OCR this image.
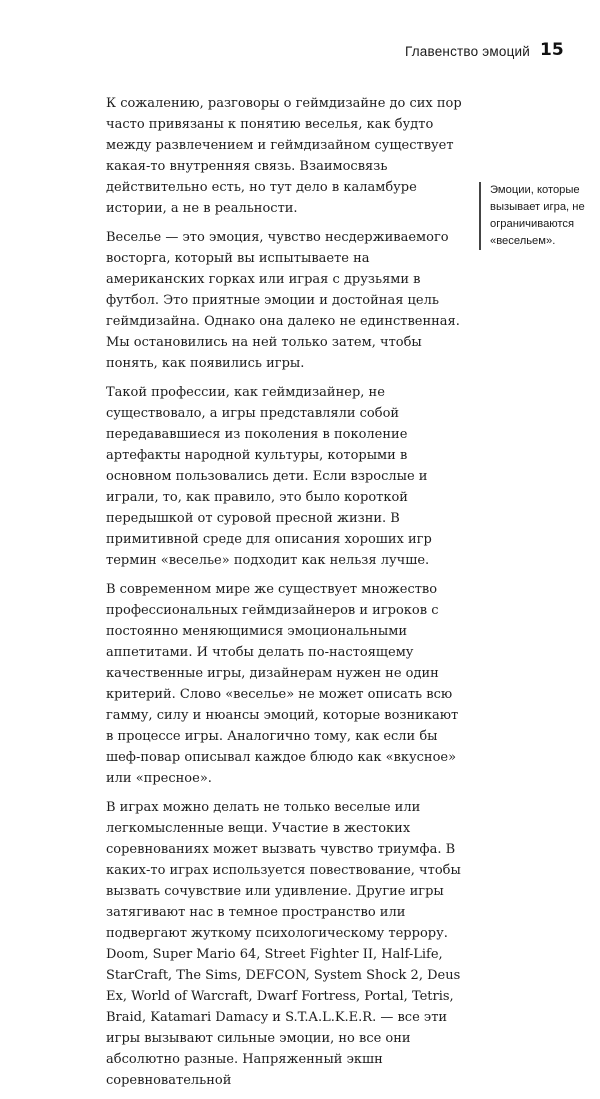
Главенство эмоций 15

К сожалению, разговоры о геймдизайне до сих пор часто привязаны к понятию веселья, как будто между развлечением и геймдизайном существует какая-то внутренняя связь. Взаимосвязь действительно есть, но тут дело в каламбуре истории, а не в реальности.

Веселье — это эмоция, чувство несдерживаемого восторга, который вы испытываете на американских горках или играя с друзьями в футбол. Это приятные эмоции и достойная цель геймдизайна. Однако она далеко не единственная. Мы остановились на ней только затем, чтобы понять, как появились игры.

Такой профессии, как геймдизайнер, не существовало, а игры представляли собой передававшиеся из поколения в поколение артефакты народной культуры, которыми в основном пользовались дети. Если взрослые и играли, то, как правило, это было короткой передышкой от суровой пресной жизни. В примитивной среде для описания хороших игр термин «веселье» подходит как нельзя лучше.

В современном мире же существует множество профессиональных геймдизайнеров и игроков с постоянно меняющимися эмоциональными аппетитами. И чтобы делать по-настоящему качественные игры, дизайнерам нужен не один критерий. Слово «веселье» не может описать всю гамму, силу и нюансы эмоций, которые возникают в процессе игры. Аналогично тому, как если бы шеф-повар описывал каждое блюдо как «вкусное» или «пресное».

В играх можно делать не только веселые или легкомысленные вещи. Участие в жестоких соревнованиях может вызвать чувство триумфа. В каких-то играх используется повествование, чтобы вызвать сочувствие или удивление. Другие игры затягивают нас в темное пространство или подвергают жуткому психологическому террору. Doom, Super Mario 64, Street Fighter II, Half-Life, StarCraft, The Sims, DEFCON, System Shock 2, Deus Ex, World of Warcraft, Dwarf Fortress, Portal, Tetris, Braid, Katamari Damacy и S.T.A.L.K.E.R. — все эти игры вызывают сильные эмоции, но все они абсолютно разные. Напряженный экшн соревновательной

Эмоции, которые вызывает игра, не ограничиваются «весельем».
